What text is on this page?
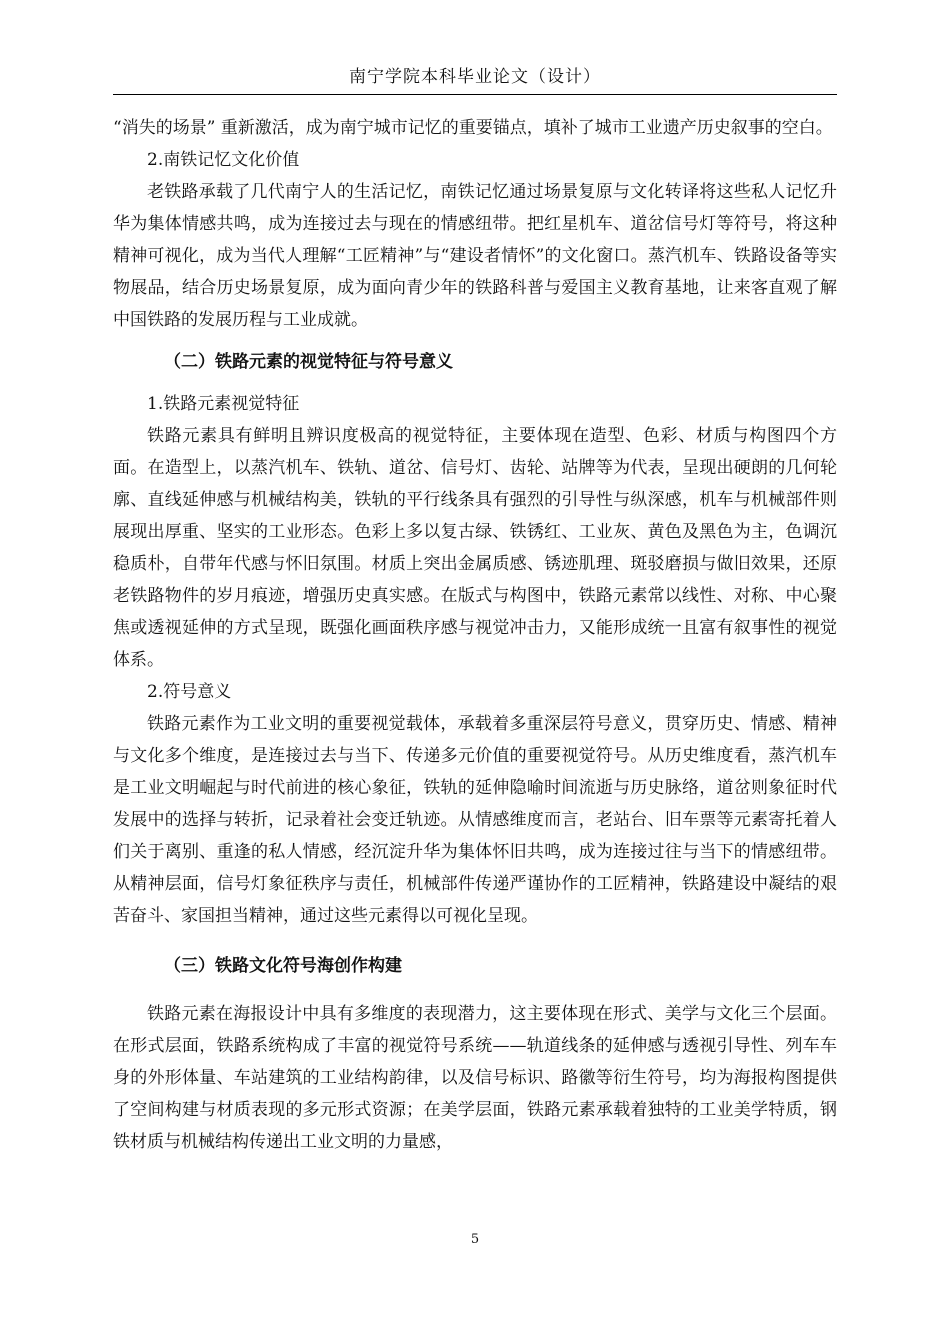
南宁学院本科毕业论文（设计）

“消失的场景” 重新激活，成为南宁城市记忆的重要锚点，填补了城市工业遗产历史叙事的空白。

2.南铁记忆文化价值

老铁路承载了几代南宁人的生活记忆，南铁记忆通过场景复原与文化转译将这些私人记忆升华为集体情感共鸣，成为连接过去与现在的情感纽带。把红星机车、道岔信号灯等符号，将这种精神可视化，成为当代人理解“工匠精神”与“建设者情怀”的文化窗口。蒸汽机车、铁路设备等实物展品，结合历史场景复原，成为面向青少年的铁路科普与爱国主义教育基地，让来客直观了解中国铁路的发展历程与工业成就。

（二）铁路元素的视觉特征与符号意义

1.铁路元素视觉特征

铁路元素具有鲜明且辨识度极高的视觉特征，主要体现在造型、色彩、材质与构图四个方面。在造型上，以蒸汽机车、铁轨、道岔、信号灯、齿轮、站牌等为代表，呈现出硬朗的几何轮廓、直线延伸感与机械结构美，铁轨的平行线条具有强烈的引导性与纵深感，机车与机械部件则展现出厚重、坚实的工业形态。色彩上多以复古绿、铁锈红、工业灰、黄色及黑色为主，色调沉稳质朴，自带年代感与怀旧氛围。材质上突出金属质感、锈迹肌理、斑驳磨损与做旧效果，还原老铁路物件的岁月痕迹，增强历史真实感。在版式与构图中，铁路元素常以线性、对称、中心聚焦或透视延伸的方式呈现，既强化画面秩序感与视觉冲击力，又能形成统一且富有叙事性的视觉体系。

2.符号意义

铁路元素作为工业文明的重要视觉载体，承载着多重深层符号意义，贯穿历史、情感、精神与文化多个维度，是连接过去与当下、传递多元价值的重要视觉符号。从历史维度看，蒸汽机车是工业文明崛起与时代前进的核心象征，铁轨的延伸隐喻时间流逝与历史脉络，道岔则象征时代发展中的选择与转折，记录着社会变迁轨迹。从情感维度而言，老站台、旧车票等元素寄托着人们关于离别、重逢的私人情感，经沉淀升华为集体怀旧共鸣，成为连接过往与当下的情感纽带。从精神层面，信号灯象征秩序与责任，机械部件传递严谨协作的工匠精神，铁路建设中凝结的艰苦奋斗、家国担当精神，通过这些元素得以可视化呈现。

（三）铁路文化符号海创作构建

铁路元素在海报设计中具有多维度的表现潜力，这主要体现在形式、美学与文化三个层面。在形式层面，铁路系统构成了丰富的视觉符号系统——轨道线条的延伸感与透视引导性、列车车身的外形体量、车站建筑的工业结构韵律，以及信号标识、路徽等衍生符号，均为海报构图提供了空间构建与材质表现的多元形式资源；在美学层面，铁路元素承载着独特的工业美学特质，钢铁材质与机械结构传递出工业文明的力量感，

5
